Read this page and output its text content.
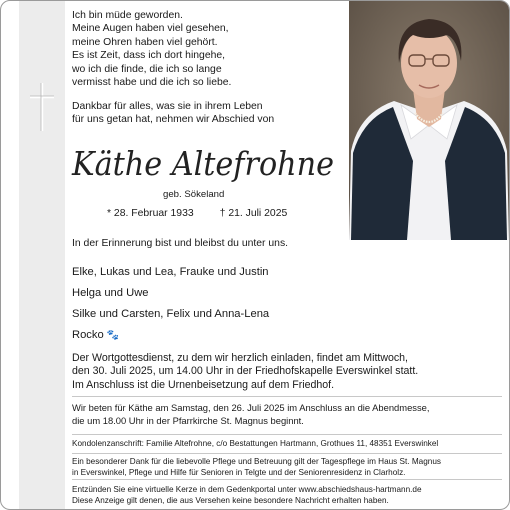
Ich bin müde geworden.
Meine Augen haben viel gesehen,
meine Ohren haben viel gehört.
Es ist Zeit, dass ich dort hingehe,
wo ich die finde, die ich so lange
vermisst habe und die ich so liebe.
Dankbar für alles, was sie in ihrem Leben
für uns getan hat, nehmen wir Abschied von
Käthe Altefrohne
geb. Sökeland
* 28. Februar 1933	† 21. Juli 2025
In der Erinnerung bist und bleibst du unter uns.
Elke, Lukas und Lea, Frauke und Justin
Helga und Uwe
Silke und Carsten, Felix und Anna-Lena
Rocko 🐾
Der Wortgottesdienst, zu dem wir herzlich einladen, findet am Mittwoch,
den 30. Juli 2025, um 14.00 Uhr in der Friedhofskapelle Everswinkel statt.
Im Anschluss ist die Urnenbeisetzung auf dem Friedhof.
Wir beten für Käthe am Samstag, den 26. Juli 2025 im Anschluss an die Abendmesse,
die um 18.00 Uhr in der Pfarrkirche St. Magnus beginnt.
Kondolenzanschrift: Familie Altefrohne, c/o Bestattungen Hartmann, Grothues 11, 48351 Everswinkel
Ein besonderer Dank für die liebevolle Pflege und Betreuung gilt der Tagespflege im Haus St. Magnus
in Everswinkel, Pflege und Hilfe für Senioren in Telgte und der Seniorenresidenz in Clarholz.
Entzünden Sie eine virtuelle Kerze in dem Gedenkportal unter www.abschiedshaus-hartmann.de
Diese Anzeige gilt denen, die aus Versehen keine besondere Nachricht erhalten haben.
